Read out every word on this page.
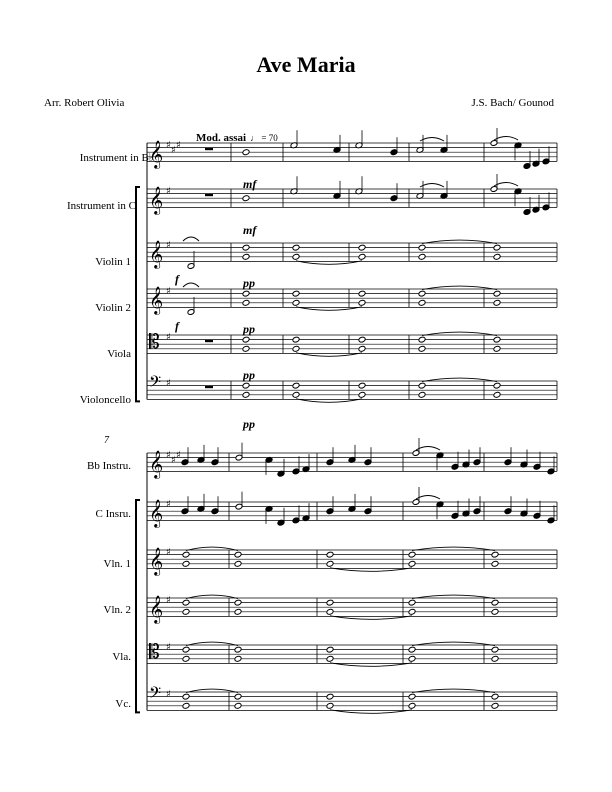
Ave Maria
Arr. Robert Olivia	J.S. Bach/ Gounod
Mod. assai ♩ = 70
Instrument in B♭
Instrument in C
Violin 1
Violin 2
Viola
Violoncello
7
Bb Instru.
C Insru.
Vln. 1
Vln. 2
Vla.
Vc.
mf
mf
f	pp
f	pp
pp
pp
𝄞 ♯ ♯ ♯
𝄞 ♯
𝄞 ♯
𝄞 ♯
𝄡 ♯
𝄢 ♯
𝄞 ♯ ♯ ♯
𝄞 ♯
𝄞 ♯
𝄞 ♯
𝄡 ♯
𝄢 ♯
